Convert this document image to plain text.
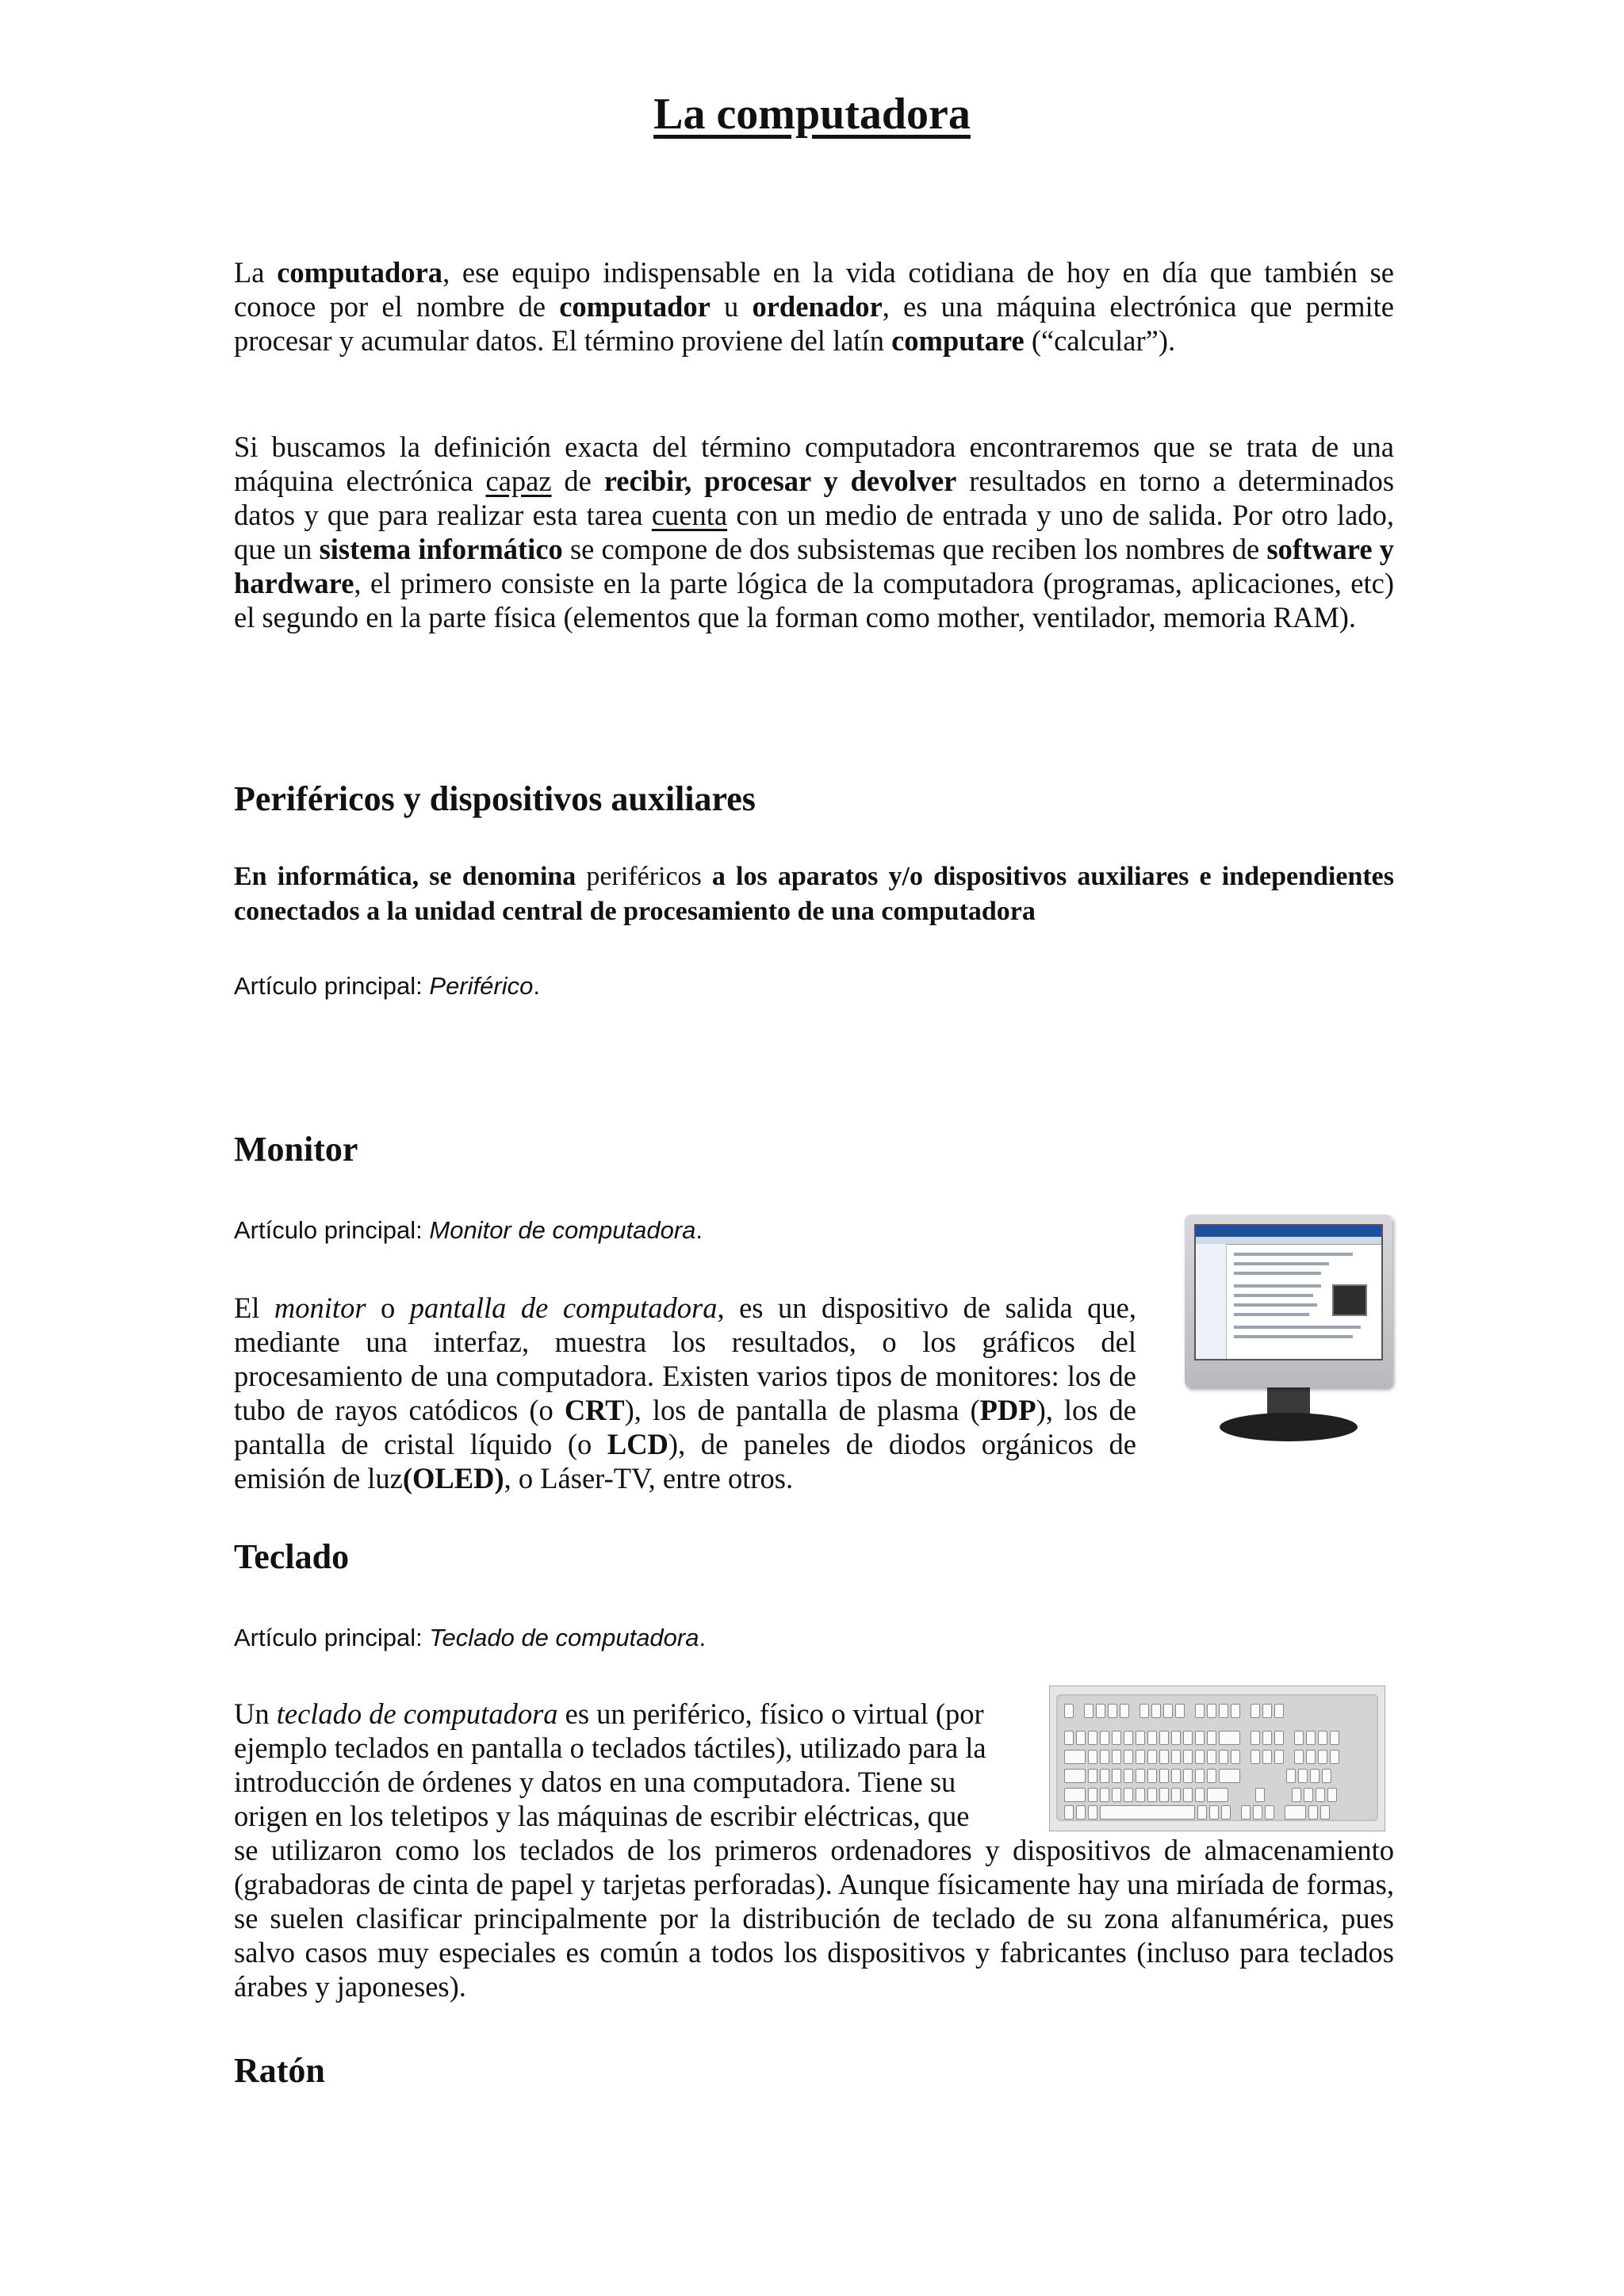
La computadora

La computadora, ese equipo indispensable en la vida cotidiana de hoy en día que también se conoce por el nombre de computador u ordenador, es una máquina electrónica que permite procesar y acumular datos. El término proviene del latín computare (“calcular”).

Si buscamos la definición exacta del término computadora encontraremos que se trata de una máquina electrónica capaz de recibir, procesar y devolver resultados en torno a determinados datos y que para realizar esta tarea cuenta con un medio de entrada y uno de salida. Por otro lado, que un sistema informático se compone de dos subsistemas que reciben los nombres de software y hardware, el primero consiste en la parte lógica de la computadora (programas, aplicaciones, etc) el segundo en la parte física (elementos que la forman como mother, ventilador, memoria RAM).

Periféricos y dispositivos auxiliares

En informática, se denomina periféricos a los aparatos y/o dispositivos auxiliares e independientes conectados a la unidad central de procesamiento de una computadora

Artículo principal: Periférico.

Monitor

Artículo principal: Monitor de computadora.

El monitor o pantalla de computadora, es un dispositivo de salida que, mediante una interfaz, muestra los resultados, o los gráficos del procesamiento de una computadora. Existen varios tipos de monitores: los de tubo de rayos catódicos (o CRT), los de pantalla de plasma (PDP), los de pantalla de cristal líquido (o LCD), de paneles de diodos orgánicos de emisión de luz(OLED), o Láser-TV, entre otros.

Teclado

Artículo principal: Teclado de computadora.

Un teclado de computadora es un periférico, físico o virtual (por
ejemplo teclados en pantalla o teclados táctiles), utilizado para la
introducción de órdenes y datos en una computadora. Tiene su
origen en los teletipos y las máquinas de escribir eléctricas, que

se utilizaron como los teclados de los primeros ordenadores y dispositivos de almacenamiento (grabadoras de cinta de papel y tarjetas perforadas). Aunque físicamente hay una miríada de formas, se suelen clasificar principalmente por la distribución de teclado de su zona alfanumérica, pues salvo casos muy especiales es común a todos los dispositivos y fabricantes (incluso para teclados árabes y japoneses).

Ratón
